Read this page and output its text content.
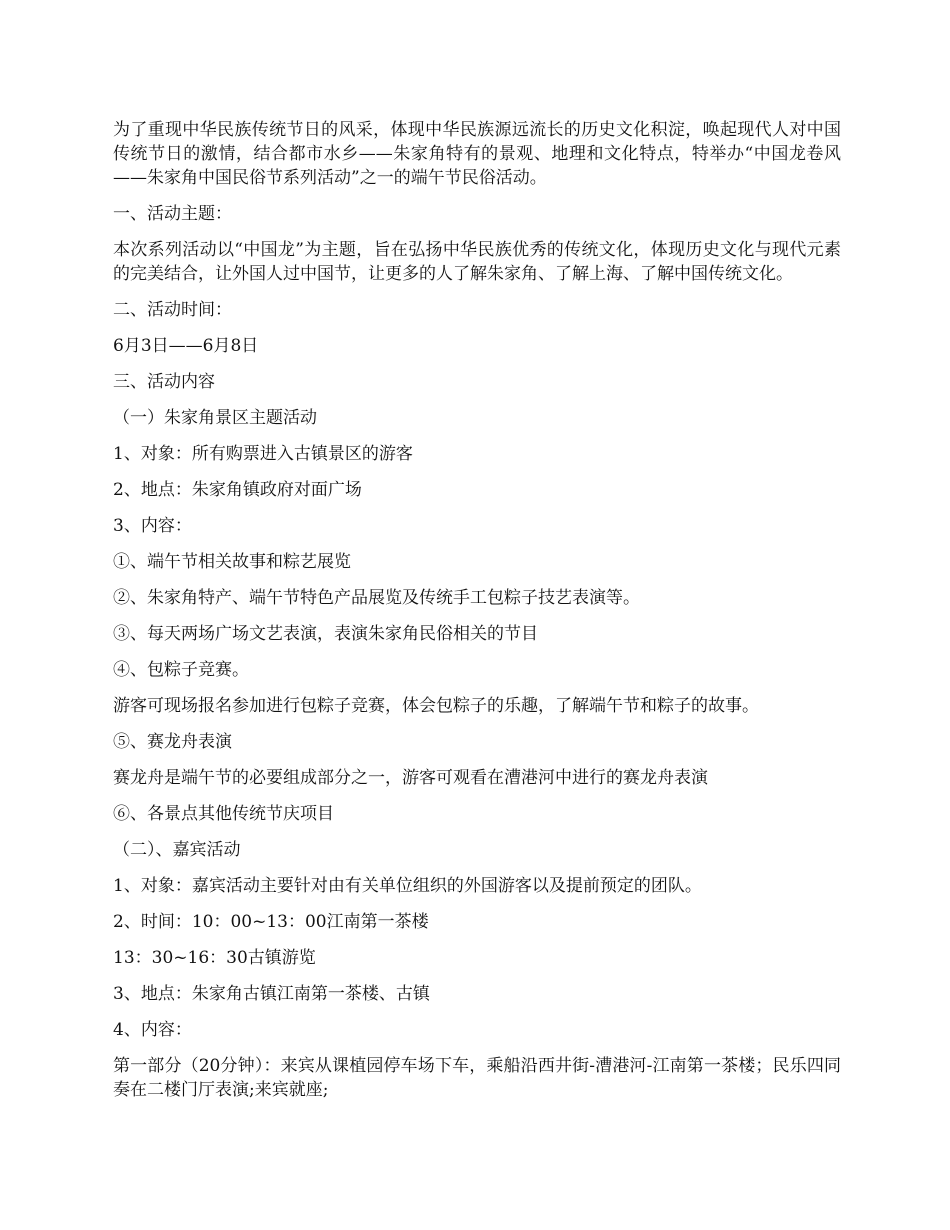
为了重现中华民族传统节日的风采，体现中华民族源远流长的历史文化积淀，唤起现代人对中国传统节日的激情，结合都市水乡——朱家角特有的景观、地理和文化特点，特举办“中国龙卷风——朱家角中国民俗节系列活动”之一的端午节民俗活动。

一、活动主题：

本次系列活动以“中国龙”为主题，旨在弘扬中华民族优秀的传统文化，体现历史文化与现代元素的完美结合，让外国人过中国节，让更多的人了解朱家角、了解上海、了解中国传统文化。

二、活动时间：

6月3日——6月8日

三、活动内容

（一）朱家角景区主题活动

1、对象：所有购票进入古镇景区的游客

2、地点：朱家角镇政府对面广场

3、内容：

①、端午节相关故事和粽艺展览

②、朱家角特产、端午节特色产品展览及传统手工包粽子技艺表演等。

③、每天两场广场文艺表演，表演朱家角民俗相关的节目

④、包粽子竞赛。

游客可现场报名参加进行包粽子竞赛，体会包粽子的乐趣，了解端午节和粽子的故事。

⑤、赛龙舟表演

赛龙舟是端午节的必要组成部分之一，游客可观看在漕港河中进行的赛龙舟表演

⑥、各景点其他传统节庆项目

（二）、嘉宾活动

1、对象：嘉宾活动主要针对由有关单位组织的外国游客以及提前预定的团队。

2、时间：10：00~13：00江南第一茶楼

13：30~16：30古镇游览

3、地点：朱家角古镇江南第一茶楼、古镇

4、内容：

第一部分（20分钟）：来宾从课植园停车场下车，乘船沿西井街-漕港河-江南第一茶楼；民乐四同奏在二楼门厅表演;来宾就座;
